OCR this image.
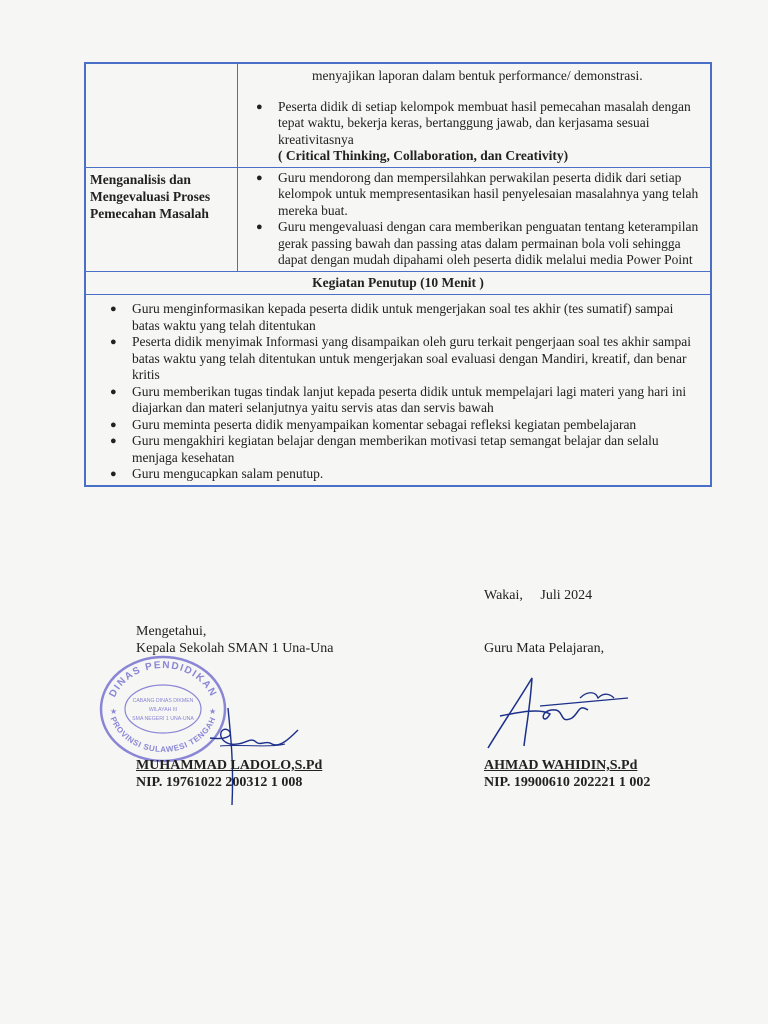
menyajikan laporan dalam bentuk performance/ demonstrasi.
● Peserta didik di setiap kelompok membuat hasil pemecahan masalah dengan tepat waktu, bekerja keras, bertanggung jawab, dan kerjasama sesuai kreativitasnya
( Critical Thinking, Collaboration, dan Creativity)
Menganalisis dan Mengevaluasi Proses Pemecahan Masalah
● Guru mendorong dan mempersilahkan perwakilan peserta didik dari setiap kelompok untuk mempresentasikan hasil penyelesaian masalahnya yang telah mereka buat.
● Guru mengevaluasi dengan cara memberikan penguatan tentang keterampilan gerak passing bawah dan passing atas dalam permainan bola voli sehingga dapat dengan mudah dipahami oleh peserta didik melalui media Power Point
Kegiatan Penutup (10 Menit )
● Guru menginformasikan kepada peserta didik untuk mengerjakan soal tes akhir (tes sumatif) sampai batas waktu yang telah ditentukan
● Peserta didik menyimak Informasi yang disampaikan oleh guru terkait pengerjaan soal tes akhir sampai batas waktu yang telah ditentukan untuk mengerjakan soal evaluasi dengan Mandiri, kreatif, dan benar kritis
● Guru memberikan tugas tindak lanjut kepada peserta didik untuk mempelajari lagi materi yang hari ini diajarkan dan materi selanjutnya yaitu servis atas dan servis bawah
● Guru meminta peserta didik menyampaikan komentar sebagai refleksi kegiatan pembelajaran
● Guru mengakhiri kegiatan belajar dengan memberikan motivasi tetap semangat belajar dan selalu menjaga kesehatan
● Guru mengucapkan salam penutup.
Wakai,     Juli 2024
Mengetahui,
Kepala Sekolah SMAN 1 Una-Una	Guru Mata Pelajaran,
DINAS PENDIDIKAN
PROVINSI SULAWESI TENGAH
CABANG DINAS DIKMEN
WILAYAH III
SMA NEGERI 1 UNA-UNA
★	★
MUHAMMAD LADOLO,S.Pd
NIP. 19761022 200312 1 008
AHMAD WAHIDIN,S.Pd
NIP. 19900610 202221 1 002
